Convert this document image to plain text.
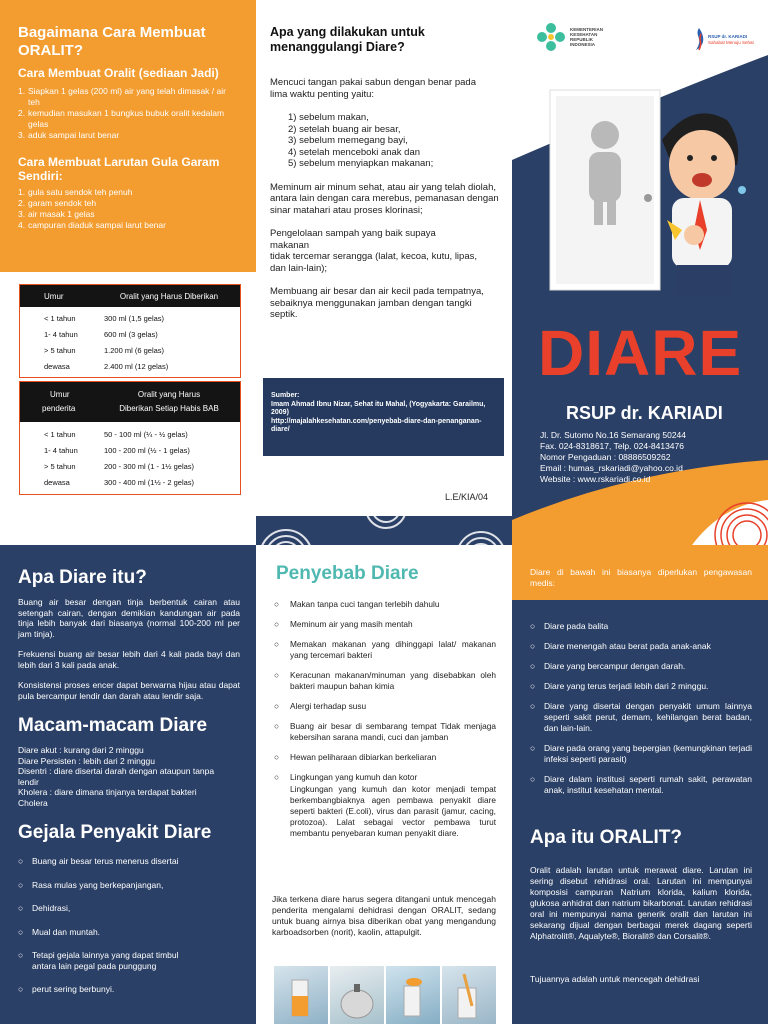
Bagaimana Cara Membuat ORALIT?
Cara Membuat Oralit (sediaan Jadi)
1. Siapkan 1 gelas (200 ml) air yang telah dimasak / air teh
2. kemudian masukan 1 bungkus bubuk oralit kedalam gelas
3. aduk sampai larut benar
Cara Membuat Larutan Gula Garam Sendiri:
1. gula satu sendok teh penuh
2. garam sendok teh
3. air masak 1 gelas
4. campuran diaduk sampai larut benar
Umur	Oralit yang Harus Diberikan
< 1 tahun	300 ml (1,5 gelas)
1- 4 tahun	600 ml (3 gelas)
> 5 tahun	1.200 ml (6 gelas)
dewasa	2.400 ml (12 gelas)
Umur	Oralit yang Harus
penderita	Diberikan Setiap Habis BAB
< 1 tahun	50 - 100 ml (¼ - ½ gelas)
1- 4 tahun	100 - 200 ml (½ - 1 gelas)
> 5 tahun	200 - 300 ml (1 - 1½ gelas)
dewasa	300 - 400 ml (1½ - 2 gelas)
Apa yang dilakukan untuk menanggulangi Diare?

Mencuci tangan pakai sabun dengan benar pada lima waktu penting yaitu:

1) sebelum makan,
2) setelah buang air besar,
3) sebelum memegang bayi,
4) setelah menceboki anak dan
5) sebelum menyiapkan makanan;

Meminum air minum sehat, atau air yang telah diolah, antara lain dengan cara merebus, pemanasan dengan sinar matahari atau proses klorinasi;

Pengelolaan sampah yang baik supaya makanan

tidak tercemar serangga (lalat, kecoa, kutu, lipas, dan lain-lain);

Membuang air besar dan air kecil pada tempatnya, sebaiknya menggunakan jamban dengan tangki septik.

Sumber:
Imam Ahmad Ibnu Nizar, Sehat itu Mahal, (Yogyakarta: Garailmu, 2009)
http://majalahkesehatan.com/penyebab-diare-dan-penanganan-diare/
L.E/KIA/04
KEMENTERIAN
KESEHATAN
REPUBLIK
INDONESIA
RSUP dr. KARIADI
Sahabat Menuju Sehat
DIARE
RSUP dr. KARIADI
Jl. Dr. Sutomo No.16 Semarang 50244
Fax. 024-8318617, Telp. 024-8413476
Nomor Pengaduan : 08886509262
Email : humas_rskariadi@yahoo.co.id
Website : www.rskariadi.co.id
Apa Diare itu?

Buang air besar dengan tinja berbentuk cairan atau setengah cairan, dengan demikian kandungan air pada tinja lebih banyak dari biasanya (normal 100-200 ml per jam tinja).

Frekuensi buang air besar lebih dari 4 kali pada bayi dan lebih dari 3 kali pada anak.

Konsistensi proses encer dapat berwarna hijau atau dapat pula bercampur lendir dan darah atau lendir saja.

Macam-macam Diare
Diare akut : kurang dari 2 minggu
Diare Persisten : lebih dari 2 minggu
Disentri : diare disertai darah dengan ataupun tanpa lendir
Kholera : diare dimana tinjanya terdapat bakteri Cholera
Gejala Penyakit Diare
○ Buang air besar terus menerus disertai
○ Rasa mulas yang berkepanjangan,
○ Dehidrasi,
○ Mual dan muntah.
○ Tetapi gejala lainnya yang dapat timbul antara lain pegal pada punggung
○ perut sering berbunyi.
Penyebab Diare
○ Makan tanpa cuci tangan terlebih dahulu
○ Meminum air yang masih mentah
○ Memakan makanan yang dihinggapi lalat/ makanan yang tercemari bakteri
○ Keracunan makanan/minuman yang disebabkan oleh bakteri maupun bahan kimia
○ Alergi terhadap susu
○ Buang air besar di sembarang tempat Tidak menjaga kebersihan sarana mandi, cuci dan jamban
○ Hewan peliharaan dibiarkan berkeliaran
○ Lingkungan yang kumuh dan kotor
Lingkungan yang kumuh dan kotor menjadi tempat berkembangbiaknya agen pembawa penyakit diare seperti bakteri (E.coli), virus dan parasit (jamur, cacing, protozoa). Lalat sebagai vector pembawa turut membantu penyebaran kuman penyakit diare.

Jika terkena diare harus segera ditangani untuk mencegah penderita mengalami dehidrasi dengan ORALIT, sedang untuk buang airnya bisa diberikan obat yang mengandung karboadsorben (norit), kaolin, attapulgit.

Diare di bawah ini biasanya diperlukan pengawasan medis:

○ Diare pada balita
○ Diare menengah atau berat pada anak-anak
○ Diare yang bercampur dengan darah.
○ Diare yang terus terjadi lebih dari 2 minggu.
○ Diare yang disertai dengan penyakit umum lainnya seperti sakit perut, demam, kehilangan berat badan, dan lain-lain.
○ Diare pada orang yang bepergian (kemungkinan terjadi infeksi seperti parasit)
○ Diare dalam institusi seperti rumah sakit, perawatan anak, institut kesehatan mental.
Apa itu ORALIT?

Oralit adalah larutan untuk merawat diare. Larutan ini sering disebut rehidrasi oral. Larutan ini mempunyai komposisi campuran Natrium klorida, kalium klorida, glukosa anhidrat dan natrium bikarbonat. Larutan rehidrasi oral ini mempunyai nama generik oralit dan larutan ini sekarang dijual dengan berbagai merek dagang seperti Alphatrolit®, Aqualyte®, Bioralit® dan Corsalit®.

Tujuannya adalah untuk mencegah dehidrasi
